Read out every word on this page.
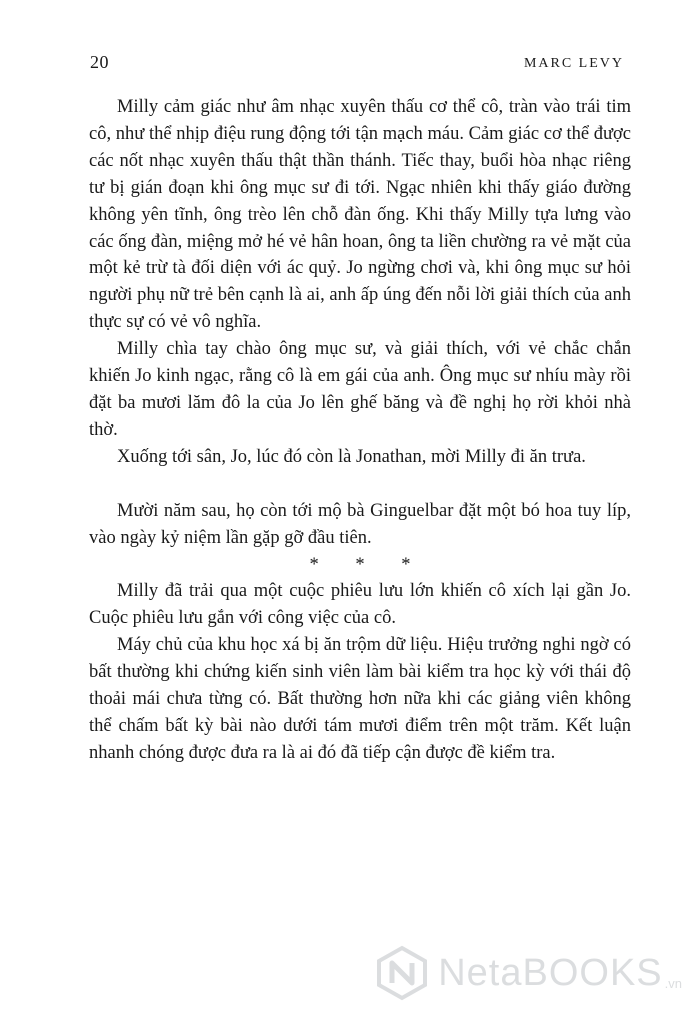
20	MARC LEVY

Milly cảm giác như âm nhạc xuyên thấu cơ thể cô, tràn vào trái tim cô, như thể nhịp điệu rung động tới tận mạch máu. Cảm giác cơ thể được các nốt nhạc xuyên thấu thật thần thánh. Tiếc thay, buổi hòa nhạc riêng tư bị gián đoạn khi ông mục sư đi tới. Ngạc nhiên khi thấy giáo đường không yên tĩnh, ông trèo lên chỗ đàn ống. Khi thấy Milly tựa lưng vào các ống đàn, miệng mở hé vẻ hân hoan, ông ta liền chường ra vẻ mặt của một kẻ trừ tà đối diện với ác quỷ. Jo ngừng chơi và, khi ông mục sư hỏi người phụ nữ trẻ bên cạnh là ai, anh ấp úng đến nỗi lời giải thích của anh thực sự có vẻ vô nghĩa.

Milly chìa tay chào ông mục sư, và giải thích, với vẻ chắc chắn khiến Jo kinh ngạc, rằng cô là em gái của anh. Ông mục sư nhíu mày rồi đặt ba mươi lăm đô la của Jo lên ghế băng và đề nghị họ rời khỏi nhà thờ.

Xuống tới sân, Jo, lúc đó còn là Jonathan, mời Milly đi ăn trưa.

Mười năm sau, họ còn tới mộ bà Ginguelbar đặt một bó hoa tuy líp, vào ngày kỷ niệm lần gặp gỡ đầu tiên.

* * *

Milly đã trải qua một cuộc phiêu lưu lớn khiến cô xích lại gần Jo. Cuộc phiêu lưu gắn với công việc của cô.

Máy chủ của khu học xá bị ăn trộm dữ liệu. Hiệu trưởng nghi ngờ có bất thường khi chứng kiến sinh viên làm bài kiểm tra học kỳ với thái độ thoải mái chưa từng có. Bất thường hơn nữa khi các giảng viên không thể chấm bất kỳ bài nào dưới tám mươi điểm trên một trăm. Kết luận nhanh chóng được đưa ra là ai đó đã tiếp cận được đề kiểm tra.

NetaBOOKS .vn
